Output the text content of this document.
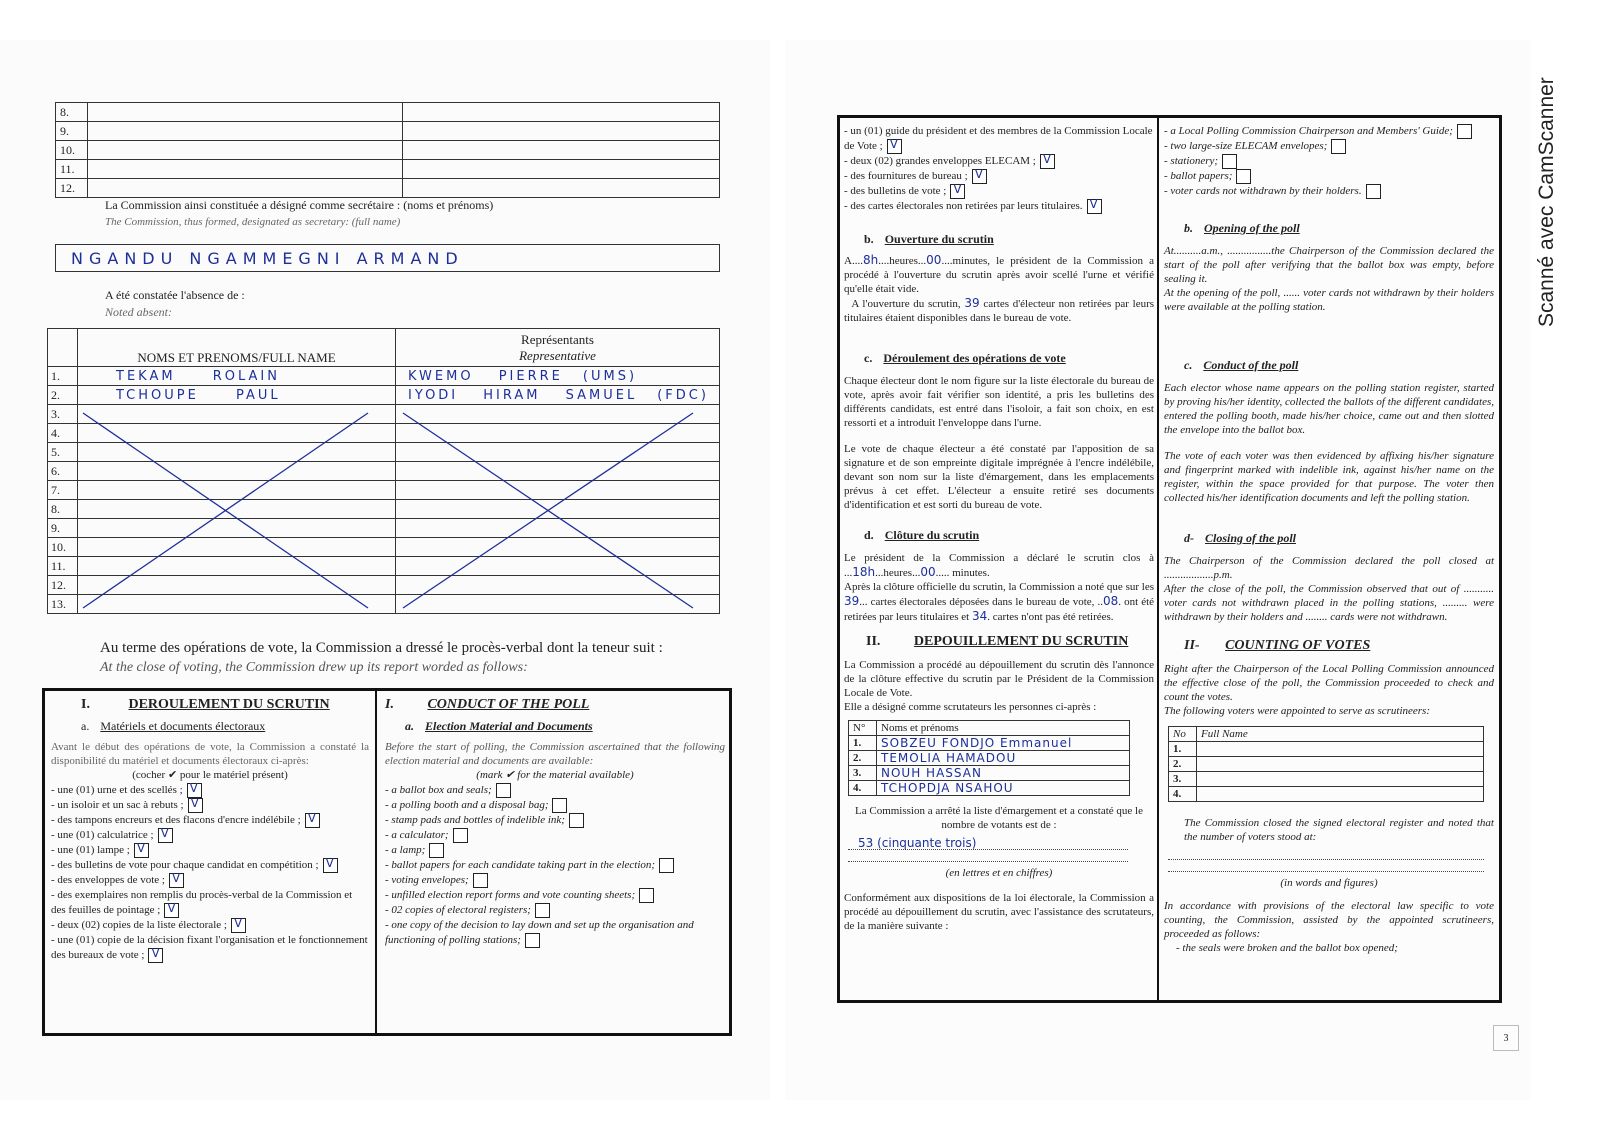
8.		
9.		
10.		
11.		
12.		
La Commission ainsi constituée a désigné comme secrétaire : (noms et prénoms)
The Commission, thus formed, designated as secretary: (full name)
NGANDU NGAMMEGNI ARMAND
A été constatée l'absence de :
Noted absent:
	NOMS ET PRENOMS/FULL NAME	Représentants
Representative

1.	TEKAM ROLAIN	KWEMO PIERRE (UMS)
2.	TCHOUPE PAUL	IYODI HIRAM SAMUEL (FDC)
3.		
4.		
5.		
6.		
7.		
8.		
9.		
10.		
11.		
12.		
13.		
Au terme des opérations de vote, la Commission a dressé le procès-verbal dont la teneur suit :
At the close of voting, the Commission drew up its report worded as follows:
I.	DEROULEMENT DU SCRUTIN
a. Matériels et documents électoraux

Avant le début des opérations de vote, la Commission a constaté la disponibilité du matériel et documents électoraux ci-après:

(cocher ✔ pour le matériel présent)
- une (01) urne et des scellés ;V
- un isoloir et un sac à rebuts ;V
- des tampons encreurs et des flacons d'encre indélébile ;V
- une (01) calculatrice ;V
- une (01) lampe ;V
- des bulletins de vote pour chaque candidat en compétition ;V
- des enveloppes de vote ;V
- des exemplaires non remplis du procès-verbal de la Commission et des feuilles de pointage ;V
- deux (02) copies de la liste électorale ;V
- une (01) copie de la décision fixant l'organisation et le fonctionnement des bureaux de vote ;V
I. CONDUCT OF THE POLL
a. Election Material and Documents

Before the start of polling, the Commission ascertained that the following election material and documents are available:

(mark ✔ for the material available)
- a ballot box and seals;
- a polling booth and a disposal bag;
- stamp pads and bottles of indelible ink;
- a calculator;
- a lamp;
- ballot papers for each candidate taking part in the election;
- voting envelopes;
- unfilled election report forms and vote counting sheets;
- 02 copies of electoral registers;
- one copy of the decision to lay down and set up the organisation and functioning of polling stations;
- un (01) guide du président et des membres de la Commission Locale de Vote ;V
- deux (02) grandes enveloppes ELECAM ;V
- des fournitures de bureau ;V
- des bulletins de vote ;V
- des cartes électorales non retirées par leurs titulaires.V
b. Ouverture du scrutin

A....8h....heures...00....minutes, le président de la Commission a procédé à l'ouverture du scrutin après avoir scellé l'urne et vérifié qu'elle était vide.

A l'ouverture du scrutin, 39 cartes d'électeur non retirées par leurs titulaires étaient disponibles dans le bureau de vote.

c. Déroulement des opérations de vote

Chaque électeur dont le nom figure sur la liste électorale du bureau de vote, après avoir fait vérifier son identité, a pris les bulletins des différents candidats, est entré dans l'isoloir, a fait son choix, en est ressorti et a introduit l'enveloppe dans l'urne.

Le vote de chaque électeur a été constaté par l'apposition de sa signature et de son empreinte digitale imprégnée à l'encre indélébile, devant son nom sur la liste d'émargement, dans les emplacements prévus à cet effet. L'électeur a ensuite retiré ses documents d'identification et est sorti du bureau de vote.

d. Clôture du scrutin

Le président de la Commission a déclaré le scrutin clos à ...18h...heures...00..... minutes.

Après la clôture officielle du scrutin, la Commission a noté que sur les 39... cartes électorales déposées dans le bureau de vote, ..08. ont été retirées par leurs titulaires et 34. cartes n'ont pas été retirées.

II. DEPOUILLEMENT DU SCRUTIN

La Commission a procédé au dépouillement du scrutin dès l'annonce de la clôture effective du scrutin par le Président de la Commission Locale de Vote.

Elle a désigné comme scrutateurs les personnes ci-après :

N°	Noms et prénoms
1.	SOBZEU FONDJO Emmanuel
2.	TEMOLIA HAMADOU
3.	NOUH HASSAN
4.	TCHOPDJA NSAHOU

La Commission a arrêté la liste d'émargement et a constaté que le nombre de votants est de :

53 (cinquante trois)
(en lettres et en chiffres)

Conformément aux dispositions de la loi électorale, la Commission a procédé au dépouillement du scrutin, avec l'assistance des scrutateurs, de la manière suivante :

- a Local Polling Commission Chairperson and Members' Guide;
- two large-size ELECAM envelopes;
- stationery;
- ballot papers;
- voter cards not withdrawn by their holders.
b. Opening of the poll

At..........a.m., ................the Chairperson of the Commission declared the start of the poll after verifying that the ballot box was empty, before sealing it.

At the opening of the poll, ...... voter cards not withdrawn by their holders were available at the polling station.

c. Conduct of the poll

Each elector whose name appears on the polling station register, started by proving his/her identity, collected the ballots of the different candidates, entered the polling booth, made his/her choice, came out and then slotted the envelope into the ballot box.

The vote of each voter was then evidenced by affixing his/her signature and fingerprint marked with indelible ink, against his/her name on the register, within the space provided for that purpose. The voter then collected his/her identification documents and left the polling station.

d- Closing of the poll

The Chairperson of the Commission declared the poll closed at ..................p.m.

After the close of the poll, the Commission observed that out of ........... voter cards not withdrawn placed in the polling stations, ......... were withdrawn by their holders and ........ cards were not withdrawn.

II- COUNTING OF VOTES

Right after the Chairperson of the Local Polling Commission announced the effective close of the poll, the Commission proceeded to check and count the votes.

The following voters were appointed to serve as scrutineers:

No	Full Name
1.	
2.	
3.	
4.	

The Commission closed the signed electoral register and noted that the number of voters stood at:

(in words and figures)

In accordance with provisions of the electoral law specific to vote counting, the Commission, assisted by the appointed scrutineers, proceeded as follows:

- the seals were broken and the ballot box opened;

3
Scanné avec CamScanner
